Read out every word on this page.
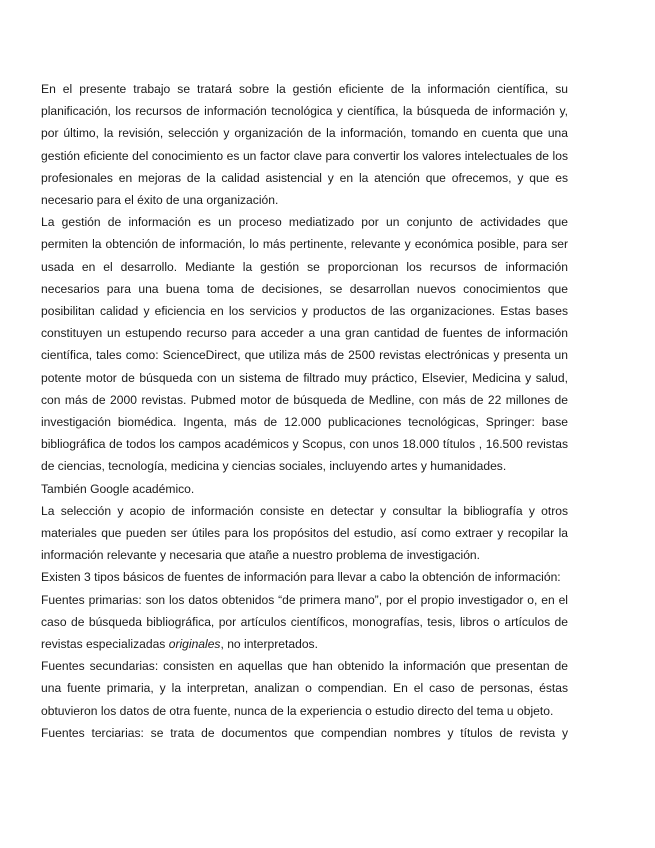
En el presente trabajo se tratará sobre la gestión eficiente de la información científica, su planificación, los recursos de información tecnológica y científica, la búsqueda de información y, por último, la revisión, selección y organización de la información, tomando en cuenta que una gestión eficiente del conocimiento es un factor clave para convertir los valores intelectuales de los profesionales en mejoras de la calidad asistencial y en la atención que ofrecemos, y que es necesario para el éxito de una organización.

La gestión de información es un proceso mediatizado por un conjunto de actividades que permiten la obtención de información, lo más pertinente, relevante y económica posible, para ser usada en el desarrollo. Mediante la gestión se proporcionan los recursos de información necesarios para una buena toma de decisiones, se desarrollan nuevos conocimientos que posibilitan calidad y eficiencia en los servicios y productos de las organizaciones. Estas bases constituyen un estupendo recurso para acceder a una gran cantidad de fuentes de información científica, tales como: ScienceDirect, que utiliza más de 2500 revistas electrónicas y presenta un potente motor de búsqueda con un sistema de filtrado muy práctico, Elsevier, Medicina y salud, con más de 2000 revistas. Pubmed motor de búsqueda de Medline, con más de 22 millones de investigación biomédica. Ingenta, más de 12.000 publicaciones tecnológicas, Springer: base bibliográfica de todos los campos académicos y Scopus, con unos 18.000 títulos , 16.500 revistas de ciencias, tecnología, medicina y ciencias sociales, incluyendo artes y humanidades.

También Google académico.

La selección y acopio de información consiste en detectar y consultar la bibliografía y otros materiales que pueden ser útiles para los propósitos del estudio, así como extraer y recopilar la información relevante y necesaria que atañe a nuestro problema de investigación.

Existen 3 tipos básicos de fuentes de información para llevar a cabo la obtención de información:

Fuentes primarias: son los datos obtenidos “de primera mano”, por el propio investigador o, en el caso de búsqueda bibliográfica, por artículos científicos, monografías, tesis, libros o artículos de revistas especializadas originales, no interpretados.

Fuentes secundarias: consisten en aquellas que han obtenido la información que presentan de una fuente primaria, y la interpretan, analizan o compendian. En el caso de personas, éstas obtuvieron los datos de otra fuente, nunca de la experiencia o estudio directo del tema u objeto.

Fuentes terciarias: se trata de documentos que compendian nombres y títulos de revista y
